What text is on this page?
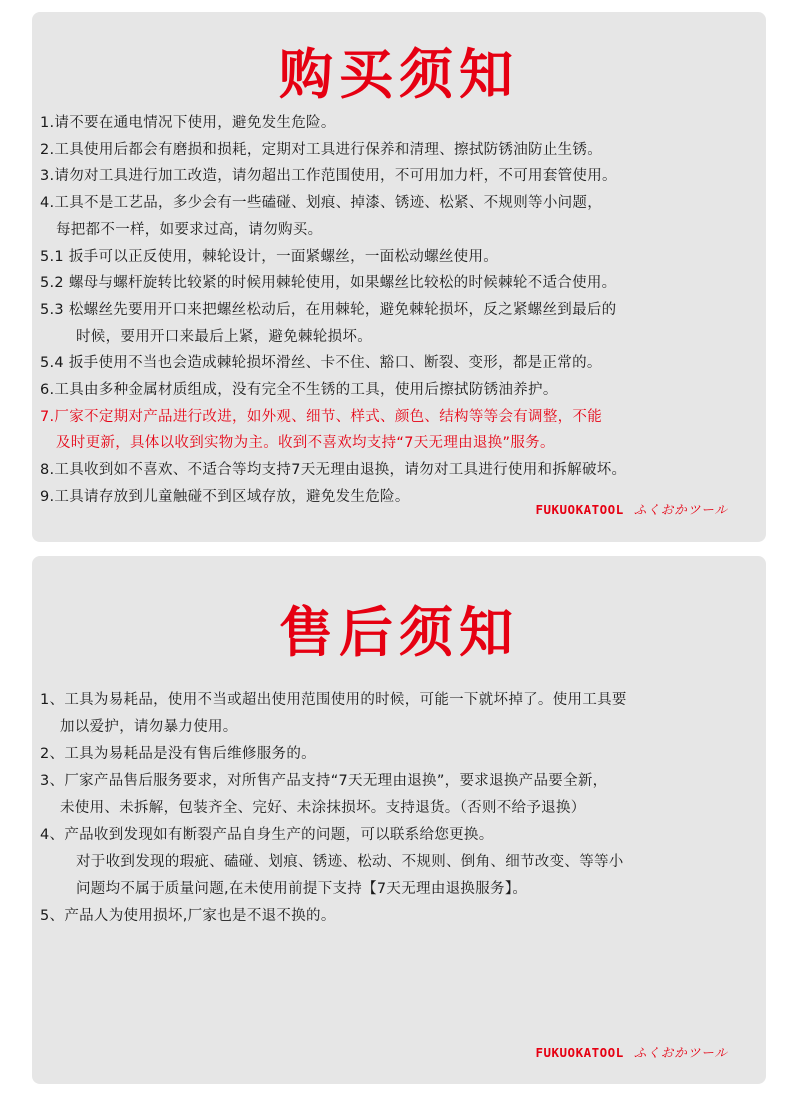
购买须知
1.请不要在通电情况下使用，避免发生危险。
2.工具使用后都会有磨损和损耗，定期对工具进行保养和清理、擦拭防锈油防止生锈。
3.请勿对工具进行加工改造，请勿超出工作范围使用，不可用加力杆，不可用套管使用。
4.工具不是工艺品，多少会有一些磕碰、划痕、掉漆、锈迹、松紧、不规则等小问题，
每把都不一样，如要求过高，请勿购买。
5.1 扳手可以正反使用，棘轮设计，一面紧螺丝，一面松动螺丝使用。
5.2 螺母与螺杆旋转比较紧的时候用棘轮使用，如果螺丝比较松的时候棘轮不适合使用。
5.3 松螺丝先要用开口来把螺丝松动后，在用棘轮，避免棘轮损坏，反之紧螺丝到最后的
时候，要用开口来最后上紧，避免棘轮损坏。
5.4 扳手使用不当也会造成棘轮损坏滑丝、卡不住、豁口、断裂、变形，都是正常的。
6.工具由多种金属材质组成，没有完全不生锈的工具，使用后擦拭防锈油养护。
7.厂家不定期对产品进行改进，如外观、细节、样式、颜色、结构等等会有调整，不能
及时更新，具体以收到实物为主。收到不喜欢均支持“7天无理由退换”服务。
8.工具收到如不喜欢、不适合等均支持7天无理由退换，请勿对工具进行使用和拆解破坏。
9.工具请存放到儿童触碰不到区域存放，避免发生危险。
FUKUOKATOOL ふくおかツール
售后须知
1、工具为易耗品，使用不当或超出使用范围使用的时候，可能一下就坏掉了。使用工具要
加以爱护，请勿暴力使用。
2、工具为易耗品是没有售后维修服务的。
3、厂家产品售后服务要求，对所售产品支持“7天无理由退换”，要求退换产品要全新，
未使用、未拆解，包装齐全、完好、未涂抹损坏。支持退货。（否则不给予退换）
4、产品收到发现如有断裂产品自身生产的问题，可以联系给您更换。
对于收到发现的瑕疵、磕碰、划痕、锈迹、松动、不规则、倒角、细节改变、等等小
问题均不属于质量问题,在未使用前提下支持【7天无理由退换服务】。
5、产品人为使用损坏,厂家也是不退不换的。
FUKUOKATOOL ふくおかツール
